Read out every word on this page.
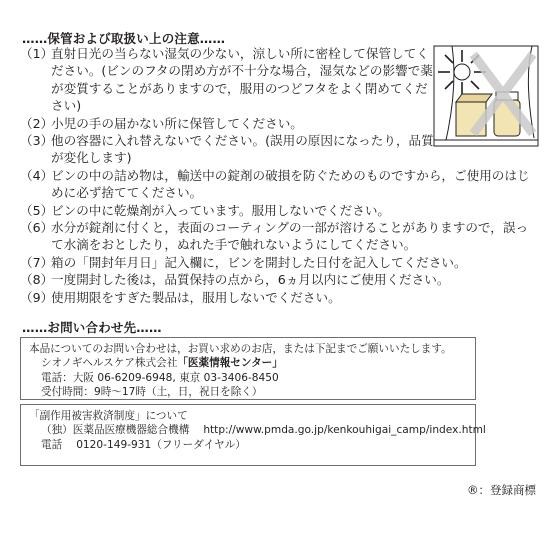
……保管および取扱い上の注意……
（1）
直射日光の当らない湿気の少ない，涼しい所に密栓して保管してください。(ビンのフタの閉め方が不十分な場合，湿気などの影響で薬が変質することがありますので，服用のつどフタをよく閉めてください)
（2）
小児の手の届かない所に保管してください。
（3）
他の容器に入れ替えないでください。(誤用の原因になったり，品質が変化します)
（4）
ビンの中の詰め物は，輸送中の錠剤の破損を防ぐためのものですから，ご使用のはじめに必ず捨ててください。
（5）
ビンの中に乾燥剤が入っています。服用しないでください。
（6）
水分が錠剤に付くと，表面のコーティングの一部が溶けることがありますので，誤って水滴をおとしたり，ぬれた手で触れないようにしてください。
（7）
箱の「開封年月日」記入欄に，ビンを開封した日付を記入してください。
（8）
一度開封した後は，品質保持の点から，6ヵ月以内にご使用ください。
（9）
使用期限をすぎた製品は，服用しないでください。
……お問い合わせ先……
本品についてのお問い合わせは，お買い求めのお店，または下記までご願いいたします。
シオノギヘルスケア株式会社「医薬情報センター」
電話：大阪 06-6209-6948, 東京 03-3406-8450
受付時間：9時～17時（土，日，祝日を除く）
「副作用被害救済制度」について
（独）医薬品医療機器総合機構 http://www.pmda.go.jp/kenkouhigai_camp/index.html
電話 0120-149-931（フリーダイヤル）
®：登録商標
